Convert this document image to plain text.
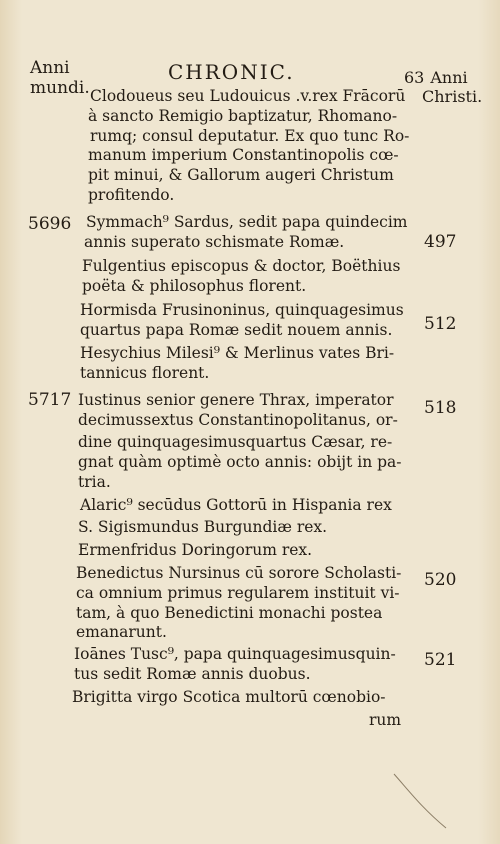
Anni
mundi.
CHRONIC.	63 Anni
Christi.
Clodoueus seu Ludouicus .v.rex Frācorū
à sancto Remigio baptizatur, Rhomano-
rumq; consul deputatur. Ex quo tunc Ro-
manum imperium Constantinopolis cœ-
pit minui, & Gallorum augeri Christum
profitendo.
Symmach⁹ Sardus, sedit papa quindecim
annis superato schismate Romæ.
Fulgentius episcopus & doctor, Boëthius
poëta & philosophus florent.
Hormisda Frusinoninus, quinquagesimus
quartus papa Romæ sedit nouem annis.
Hesychius Milesi⁹ & Merlinus vates Bri-
tannicus florent.
Iustinus senior genere Thrax, imperator
decimussextus Constantinopolitanus, or-
dine quinquagesimusquartus Cæsar, re-
gnat quàm optimè octo annis: obijt in pa-
tria.
Alaric⁹ secūdus Gottorū in Hispania rex
S. Sigismundus Burgundiæ rex.
Ermenfridus Doringorum rex.
Benedictus Nursinus cū sorore Scholasti-
ca omnium primus regularem instituit vi-
tam, à quo Benedictini monachi postea
emanarunt.
Ioānes Tusc⁹, papa quinquagesimusquin-
tus sedit Romæ annis duobus.
Brigitta virgo Scotica multorū cœnobio-
rum
5696
5717
497
512
518
520
521
